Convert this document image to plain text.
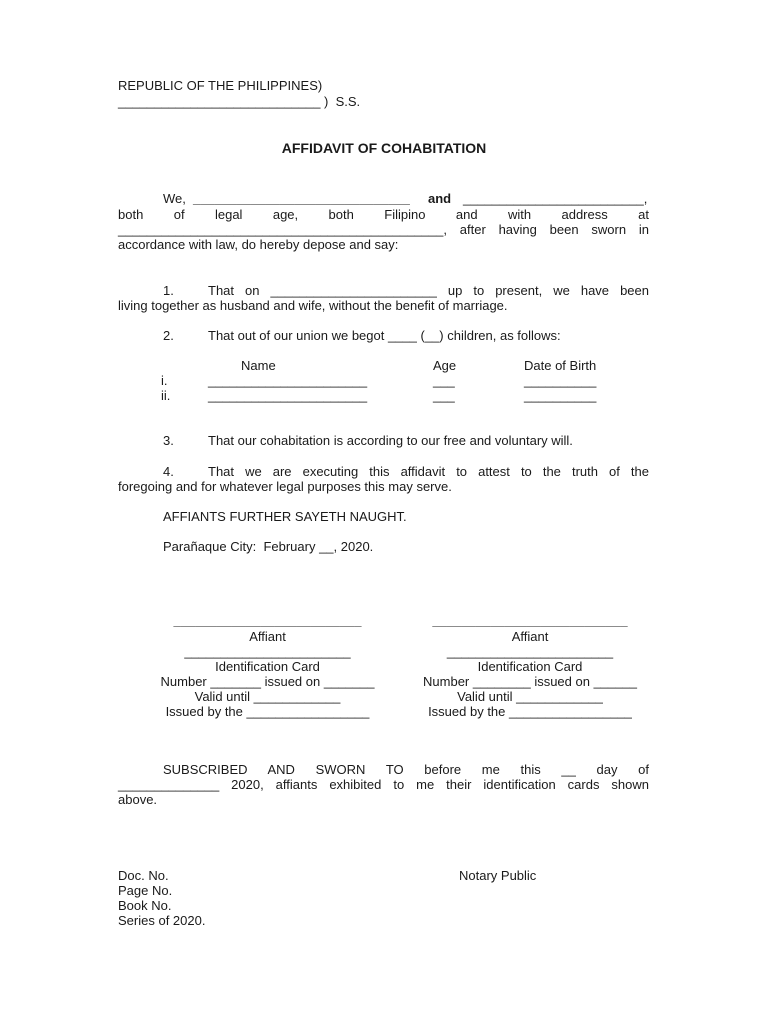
REPUBLIC OF THE PHILIPPINES)
____________________________ )  S.S.
AFFIDAVIT OF COHABITATION
We, ______________________________ and _________________________,
both of legal age, both Filipino and with address at
_____________________________________________, after having been sworn in
accordance with law, do hereby depose and say:
1.	That on _______________________ up to present, we have been
living together as husband and wife, without the benefit of marriage.
2.	That out of our union we begot ____ (__) children, as follows:
Name	Age	Date of Birth
i.	______________________	___	__________
ii.	______________________	___	__________
3.	That our cohabitation is according to our free and voluntary will.
4.	That we are executing this affidavit to attest to the truth of the
foregoing and for whatever legal purposes this may serve.
AFFIANTS FURTHER SAYETH NAUGHT.
Parañaque City:  February __, 2020.
__________________________
Affiant
_______________________
Identification Card
Number _______ issued on _______
Valid until ____________
Issued by the _________________
___________________________
Affiant
_______________________
Identification Card
Number ________ issued on ______
Valid until ____________
Issued by the _________________
SUBSCRIBED AND SWORN TO before me this __ day of
______________ 2020, affiants exhibited to me their identification cards shown
above.
Doc. No.
Page No.
Book No.
Series of 2020.
Notary Public
